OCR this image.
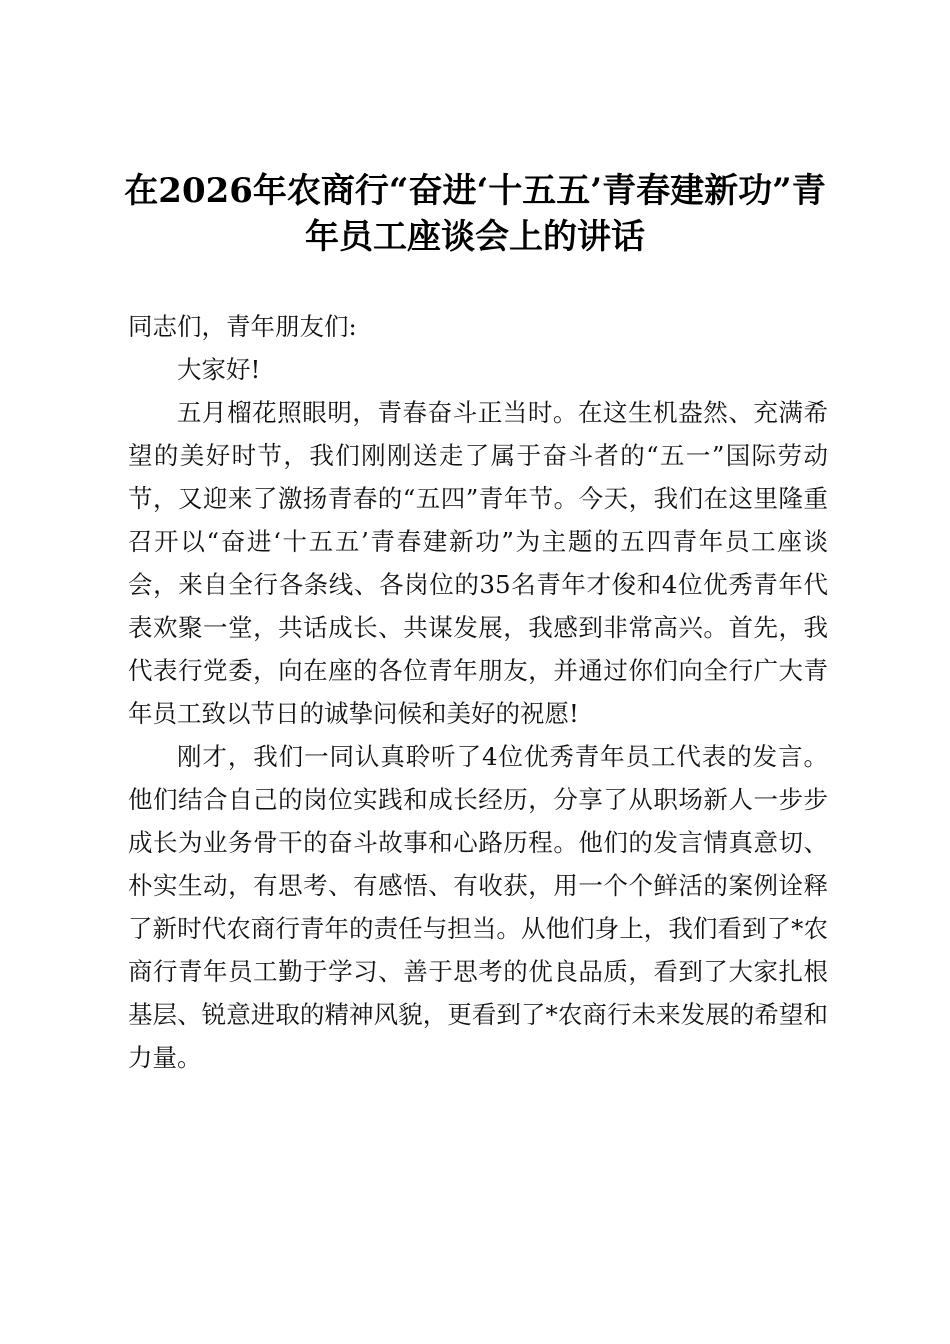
在2026年农商行“奋进‘十五五’青春建新功”青年员工座谈会上的讲话

同志们，青年朋友们:

大家好!

五月榴花照眼明，青春奋斗正当时。在这生机盎然、充满希望的美好时节，我们刚刚送走了属于奋斗者的“五一”国际劳动节，又迎来了激扬青春的“五四”青年节。今天，我们在这里隆重召开以“奋进‘十五五’青春建新功”为主题的五四青年员工座谈会，来自全行各条线、各岗位的35名青年才俊和4位优秀青年代表欢聚一堂，共话成长、共谋发展，我感到非常高兴。首先，我代表行党委，向在座的各位青年朋友，并通过你们向全行广大青年员工致以节日的诚挚问候和美好的祝愿!

刚才，我们一同认真聆听了4位优秀青年员工代表的发言。他们结合自己的岗位实践和成长经历，分享了从职场新人一步步成长为业务骨干的奋斗故事和心路历程。他们的发言情真意切、朴实生动，有思考、有感悟、有收获，用一个个鲜活的案例诠释了新时代农商行青年的责任与担当。从他们身上，我们看到了*农商行青年员工勤于学习、善于思考的优良品质，看到了大家扎根基层、锐意进取的精神风貌，更看到了*农商行未来发展的希望和力量。
